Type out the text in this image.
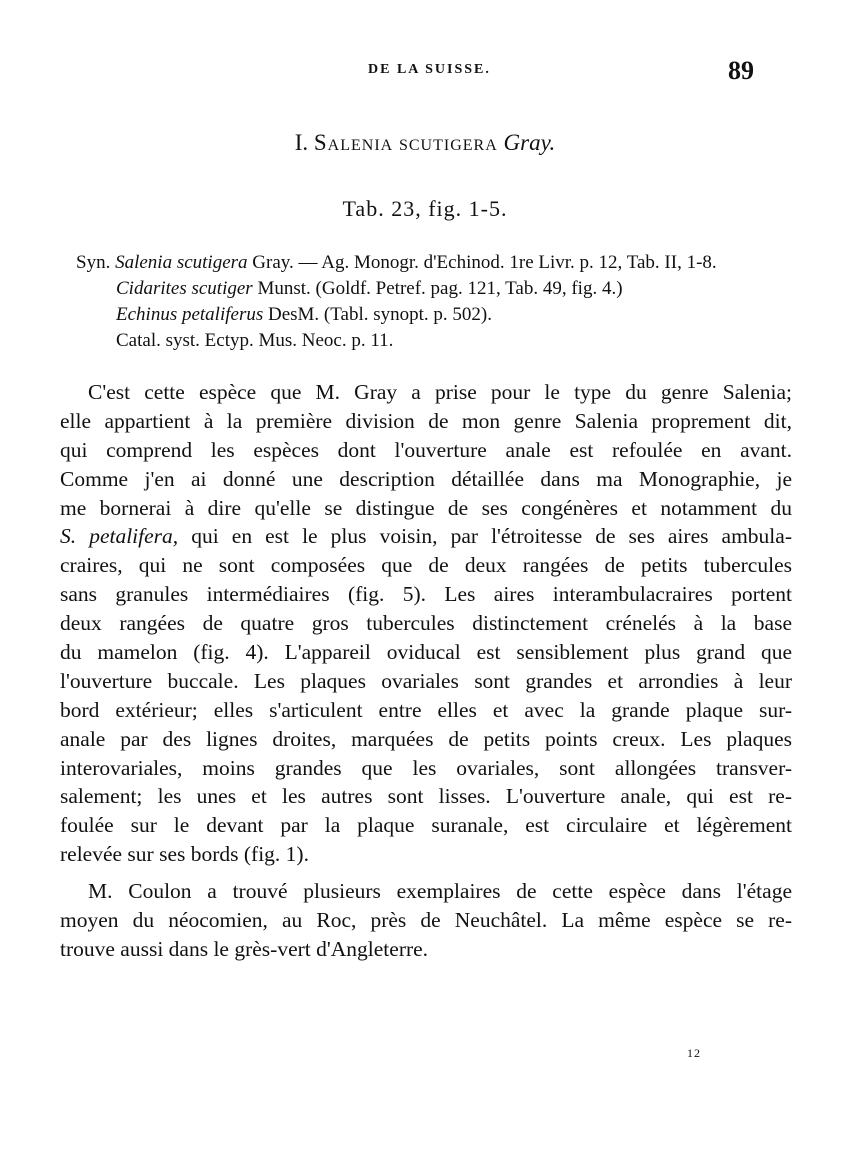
DE LA SUISSE.	89
I. Salenia scutigera Gray.
Tab. 23, fig. 1-5.
Syn. Salenia scutigera Gray. — Ag. Monogr. d'Echinod. 1re Livr. p. 12, Tab. II, 1-8.
Cidarites scutiger Munst. (Goldf. Petref. pag. 121, Tab. 49, fig. 4.)
Echinus petaliferus DesM. (Tabl. synopt. p. 502).
Catal. syst. Ectyp. Mus. Neoc. p. 11.
C'est cette espèce que M. Gray a prise pour le type du genre Salenia;
elle appartient à la première division de mon genre Salenia proprement dit,
qui comprend les espèces dont l'ouverture anale est refoulée en avant.
Comme j'en ai donné une description détaillée dans ma Monographie, je
me bornerai à dire qu'elle se distingue de ses congénères et notamment du
S. petalifera, qui en est le plus voisin, par l'étroitesse de ses aires ambula-
craires, qui ne sont composées que de deux rangées de petits tubercules
sans granules intermédiaires (fig. 5). Les aires interambulacraires portent
deux rangées de quatre gros tubercules distinctement crénelés à la base
du mamelon (fig. 4). L'appareil oviducal est sensiblement plus grand que
l'ouverture buccale. Les plaques ovariales sont grandes et arrondies à leur
bord extérieur; elles s'articulent entre elles et avec la grande plaque sur-
anale par des lignes droites, marquées de petits points creux. Les plaques
interovariales, moins grandes que les ovariales, sont allongées transver-
salement; les unes et les autres sont lisses. L'ouverture anale, qui est re-
foulée sur le devant par la plaque suranale, est circulaire et légèrement
relevée sur ses bords (fig. 1).
M. Coulon a trouvé plusieurs exemplaires de cette espèce dans l'étage
moyen du néocomien, au Roc, près de Neuchâtel. La même espèce se re-
trouve aussi dans le grès-vert d'Angleterre.
12
